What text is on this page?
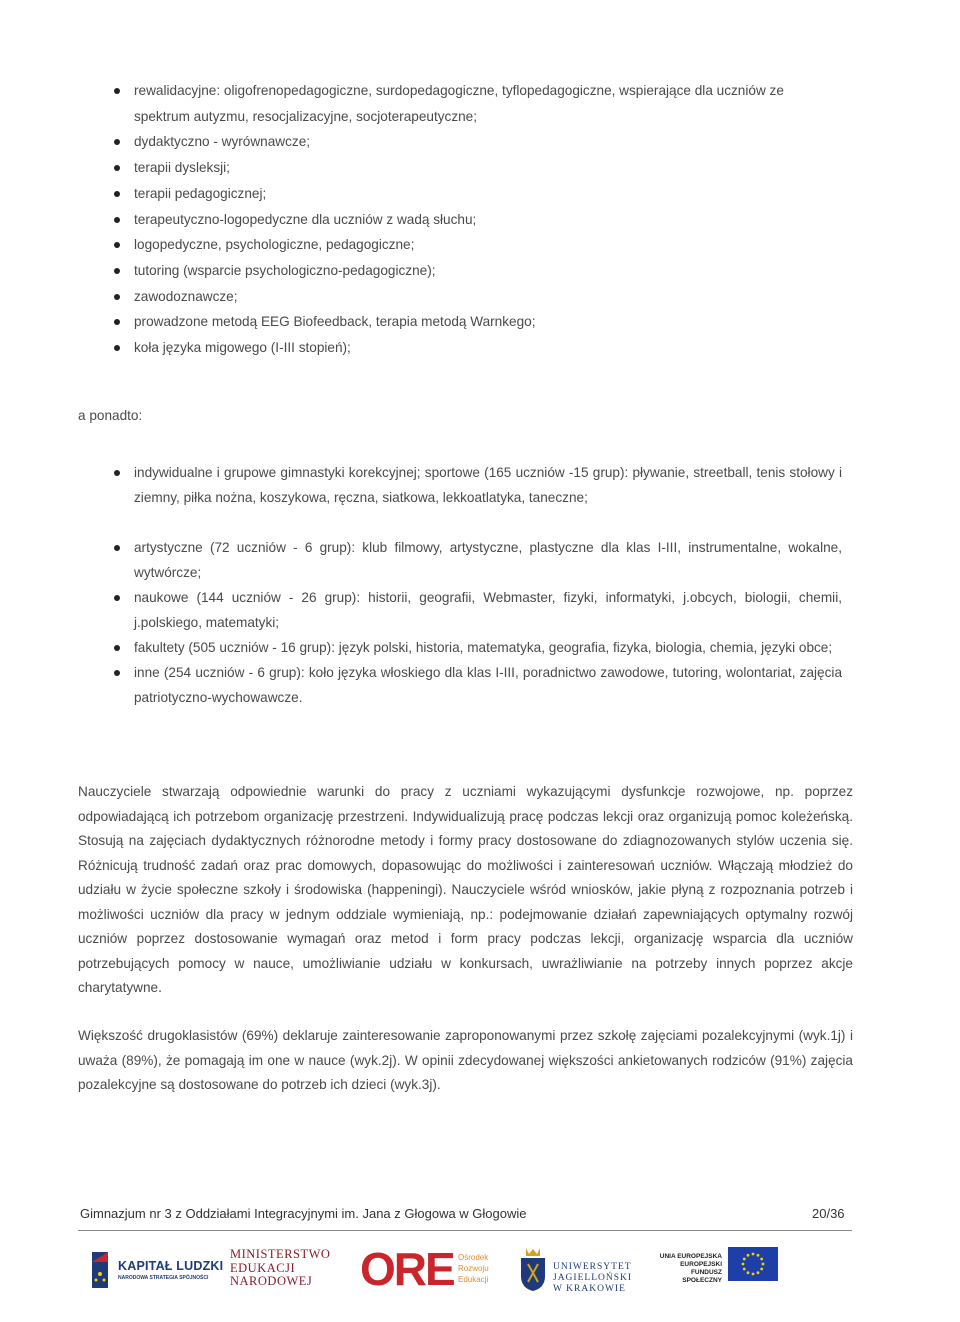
rewalidacyjne: oligofrenopedagogiczne, surdopedagogiczne, tyflopedagogiczne, wspierające dla uczniów ze spektrum autyzmu, resocjalizacyjne, socjoterapeutyczne;
dydaktyczno - wyrównawcze;
terapii dysleksji;
terapii pedagogicznej;
terapeutyczno-logopedyczne dla uczniów z wadą słuchu;
logopedyczne, psychologiczne, pedagogiczne;
tutoring (wsparcie psychologiczno-pedagogiczne);
zawodoznawcze;
prowadzone metodą EEG Biofeedback, terapia metodą Warnkego;
koła języka migowego (I-III stopień);
a ponadto:
indywidualne i grupowe gimnastyki korekcyjnej; sportowe (165 uczniów -15 grup): pływanie, streetball, tenis stołowy i ziemny, piłka nożna, koszykowa, ręczna, siatkowa, lekkoatlatyka, taneczne;
artystyczne (72 uczniów - 6 grup): klub filmowy, artystyczne, plastyczne dla klas I-III, instrumentalne, wokalne, wytwórcze;
naukowe (144 uczniów - 26 grup): historii, geografii, Webmaster, fizyki, informatyki, j.obcych, biologii, chemii, j.polskiego, matematyki;
fakultety (505 uczniów - 16 grup): język polski, historia, matematyka, geografia, fizyka, biologia, chemia, języki obce;
inne (254 uczniów - 6 grup): koło języka włoskiego dla klas I-III, poradnictwo zawodowe, tutoring, wolontariat, zajęcia patriotyczno-wychowawcze.
Nauczyciele stwarzają odpowiednie warunki do pracy z uczniami wykazującymi dysfunkcje rozwojowe, np. poprzez odpowiadającą ich potrzebom organizację przestrzeni. Indywidualizują pracę podczas lekcji oraz organizują pomoc koleżeńską. Stosują na zajęciach dydaktycznych różnorodne metody i formy pracy dostosowane do zdiagnozowanych stylów uczenia się. Różnicują trudność zadań oraz prac domowych, dopasowując do możliwości i zainteresowań uczniów. Włączają młodzież do udziału w życie społeczne szkoły i środowiska (happeningi). Nauczyciele wśród wniosków, jakie płyną z rozpoznania potrzeb i możliwości uczniów dla pracy w jednym oddziale wymieniają, np.: podejmowanie działań zapewniających optymalny rozwój uczniów poprzez dostosowanie wymagań oraz metod i form pracy podczas lekcji, organizację wsparcia dla uczniów potrzebujących pomocy w nauce, umożliwianie udziału w konkursach, uwrażliwianie na potrzeby innych poprzez akcje charytatywne.
Większość drugoklasistów (69%) deklaruje zainteresowanie zaproponowanymi przez szkołę zajęciami pozalekcyjnymi (wyk.1j) i uważa (89%), że pomagają im one w nauce (wyk.2j). W opinii zdecydowanej większości ankietowanych rodziców (91%) zajęcia pozalekcyjne są dostosowane do potrzeb ich dzieci (wyk.3j).
Gimnazjum nr 3 z Oddziałami Integracyjnymi im. Jana z Głogowa w Głogowie	20/36
KAPITAŁ LUDZKI
NARODOWA STRATEGIA SPÓJNOŚCI
MINISTERSTWO
EDUKACJI
NARODOWEJ	ORE Ośrodek
Rozwoju
Edukacji
UNIWERSYTET
JAGIELLOŃSKI
W KRAKOWIE
UNIA EUROPEJSKA
EUROPEJSKI
FUNDUSZ SPOŁECZNY
